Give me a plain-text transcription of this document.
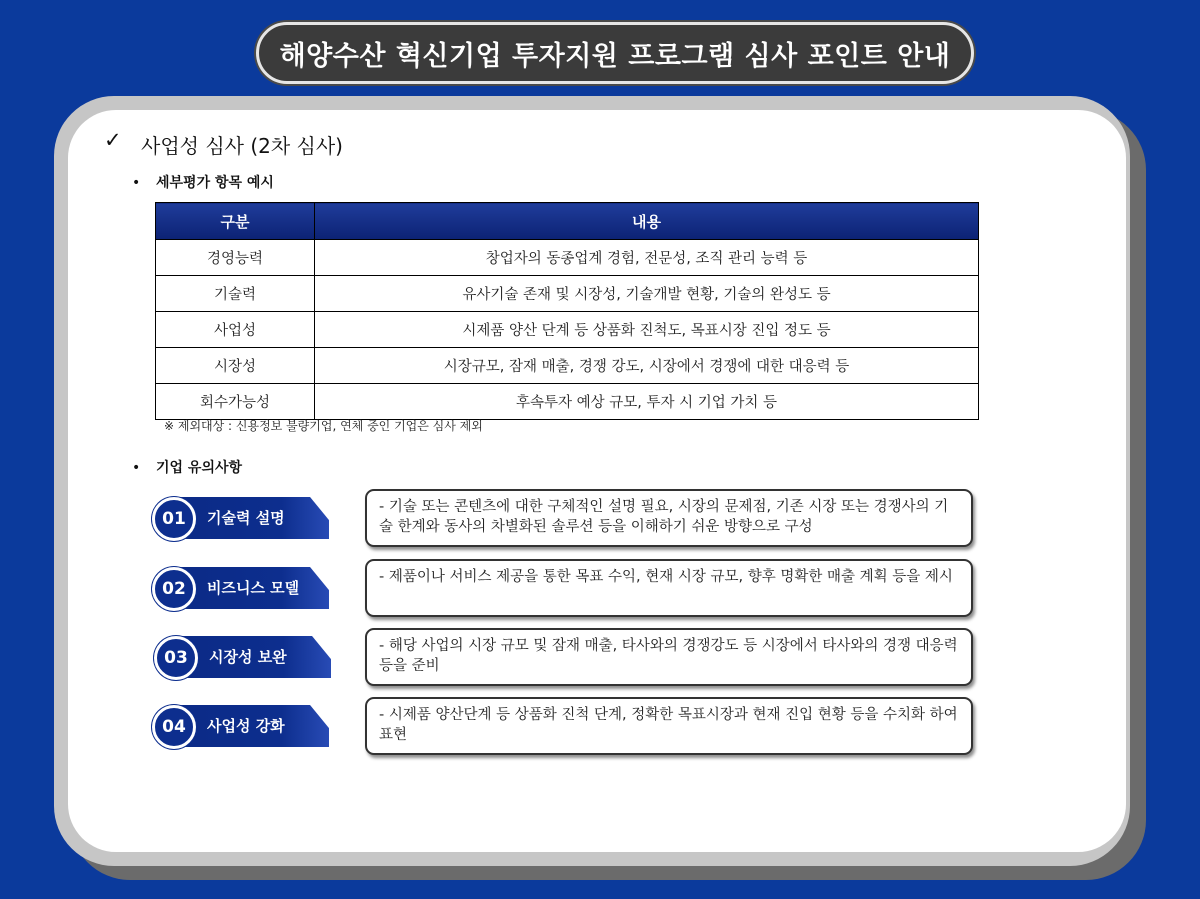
해양수산 혁신기업 투자지원 프로그램 심사 포인트 안내
✓ 사업성 심사 (2차 심사)
• 세부평가 항목 예시
구분	내용
경영능력	창업자의 동종업계 경험, 전문성, 조직 관리 능력 등
기술력	유사기술 존재 및 시장성, 기술개발 현황, 기술의 완성도 등
사업성	시제품 양산 단계 등 상품화 진척도, 목표시장 진입 정도 등
시장성	시장규모, 잠재 매출, 경쟁 강도, 시장에서 경쟁에 대한 대응력 등
회수가능성	후속투자 예상 규모, 투자 시 기업 가치 등
※ 제외대상 : 신용정보 불량기업, 연체 중인 기업은 심사 제외
• 기업 유의사항
01	기술력 설명
- 기술 또는 콘텐츠에 대한 구체적인 설명 필요, 시장의 문제점, 기존 시장 또는 경쟁사의 기술 한계와 동사의 차별화된 솔루션 등을 이해하기 쉬운 방향으로 구성
02	비즈니스 모델
- 제품이나 서비스 제공을 통한 목표 수익, 현재 시장 규모, 향후 명확한 매출 계획 등을 제시
03	시장성 보완
- 해당 사업의 시장 규모 및 잠재 매출, 타사와의 경쟁강도 등 시장에서 타사와의 경쟁 대응력 등을 준비
04	사업성 강화
- 시제품 양산단계 등 상품화 진척 단계, 정확한 목표시장과 현재 진입 현황 등을 수치화 하여 표현
